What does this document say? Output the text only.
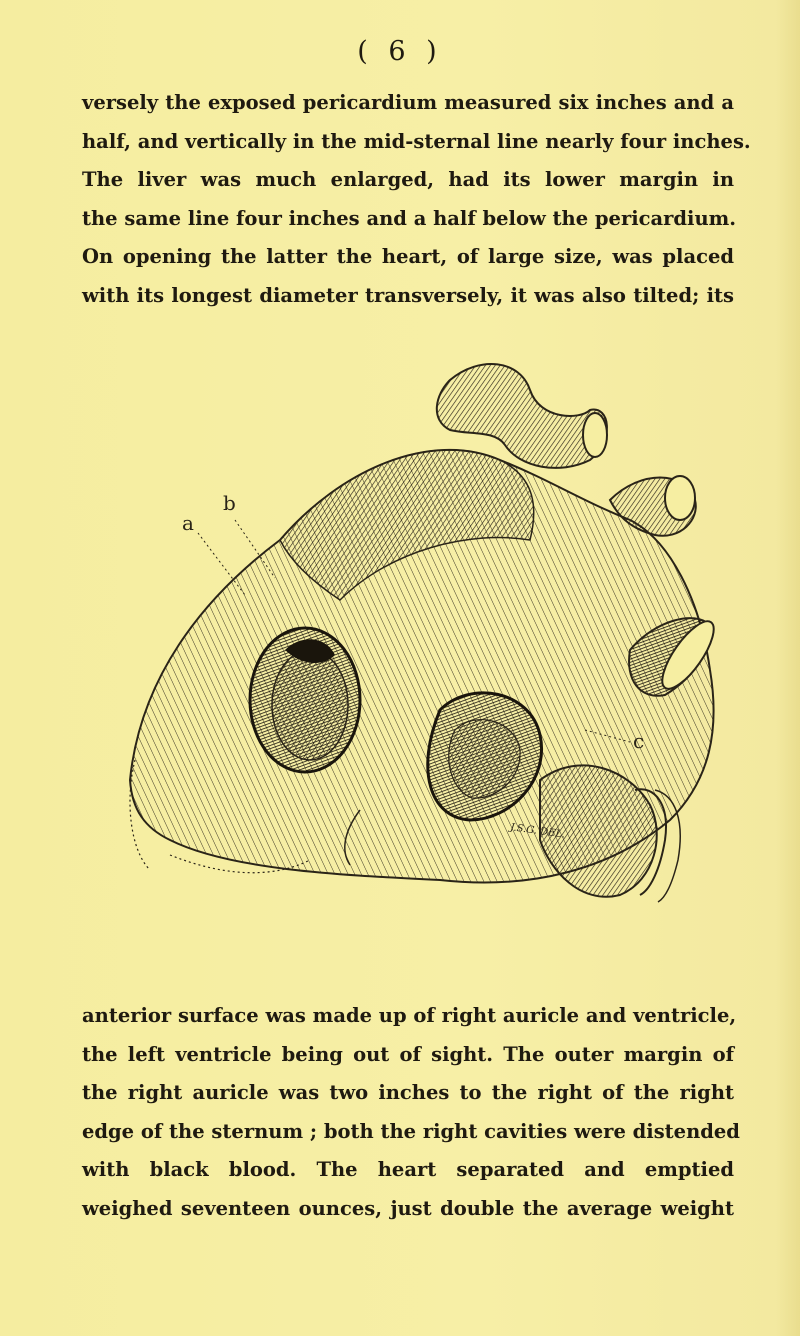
( 6 )
versely the exposed pericardium measured six inches and a
half, and vertically in the mid-sternal line nearly four inches.
The liver was much enlarged, had its lower margin in
the same line four inches and a half below the pericardium.
On opening the latter the heart, of large size, was placed
with its longest diameter transversely, it was also tilted; its
a
b
c
J.S.G. DEL.
anterior surface was made up of right auricle and ventricle,
the left ventricle being out of sight. The outer margin of
the right auricle was two inches to the right of the right
edge of the sternum ; both the right cavities were distended
with black blood. The heart separated and emptied
weighed seventeen ounces, just double the average weight
